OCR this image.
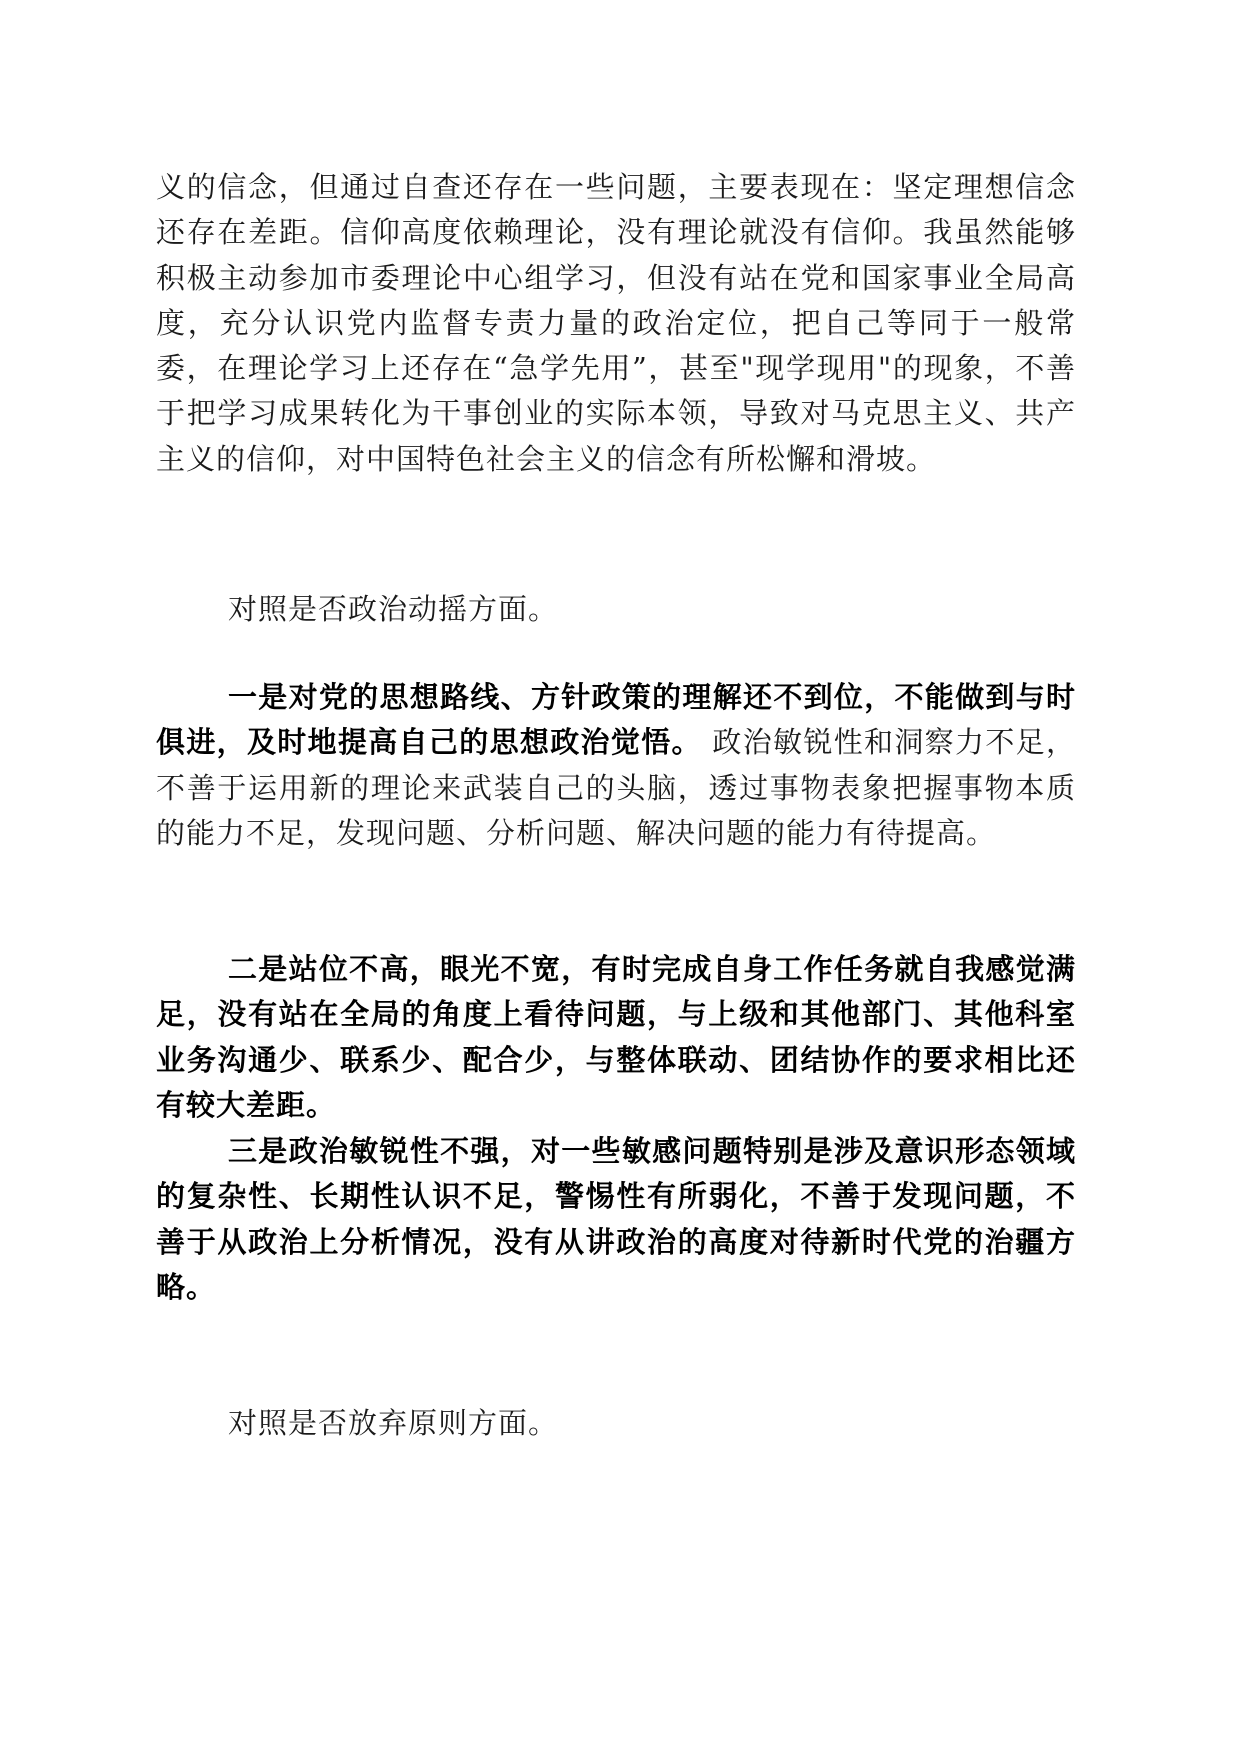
义的信念，但通过自查还存在一些问题，主要表现在：坚定理想信念还存在差距。信仰高度依赖理论，没有理论就没有信仰。我虽然能够积极主动参加市委理论中心组学习，但没有站在党和国家事业全局高度，充分认识党内监督专责力量的政治定位，把自己等同于一般常委，在理论学习上还存在“急学先用”，甚至"现学现用"的现象，不善于把学习成果转化为干事创业的实际本领，导致对马克思主义、共产主义的信仰，对中国特色社会主义的信念有所松懈和滑坡。

对照是否政治动摇方面。

一是对党的思想路线、方针政策的理解还不到位，不能做到与时俱进，及时地提高自己的思想政治觉悟。 政治敏锐性和洞察力不足，不善于运用新的理论来武装自己的头脑，透过事物表象把握事物本质的能力不足，发现问题、分析问题、解决问题的能力有待提高。

二是站位不高，眼光不宽，有时完成自身工作任务就自我感觉满足，没有站在全局的角度上看待问题，与上级和其他部门、其他科室业务沟通少、联系少、配合少，与整体联动、团结协作的要求相比还有较大差距。

三是政治敏锐性不强，对一些敏感问题特别是涉及意识形态领域的复杂性、长期性认识不足，警惕性有所弱化，不善于发现问题，不善于从政治上分析情况，没有从讲政治的高度对待新时代党的治疆方略。

对照是否放弃原则方面。
